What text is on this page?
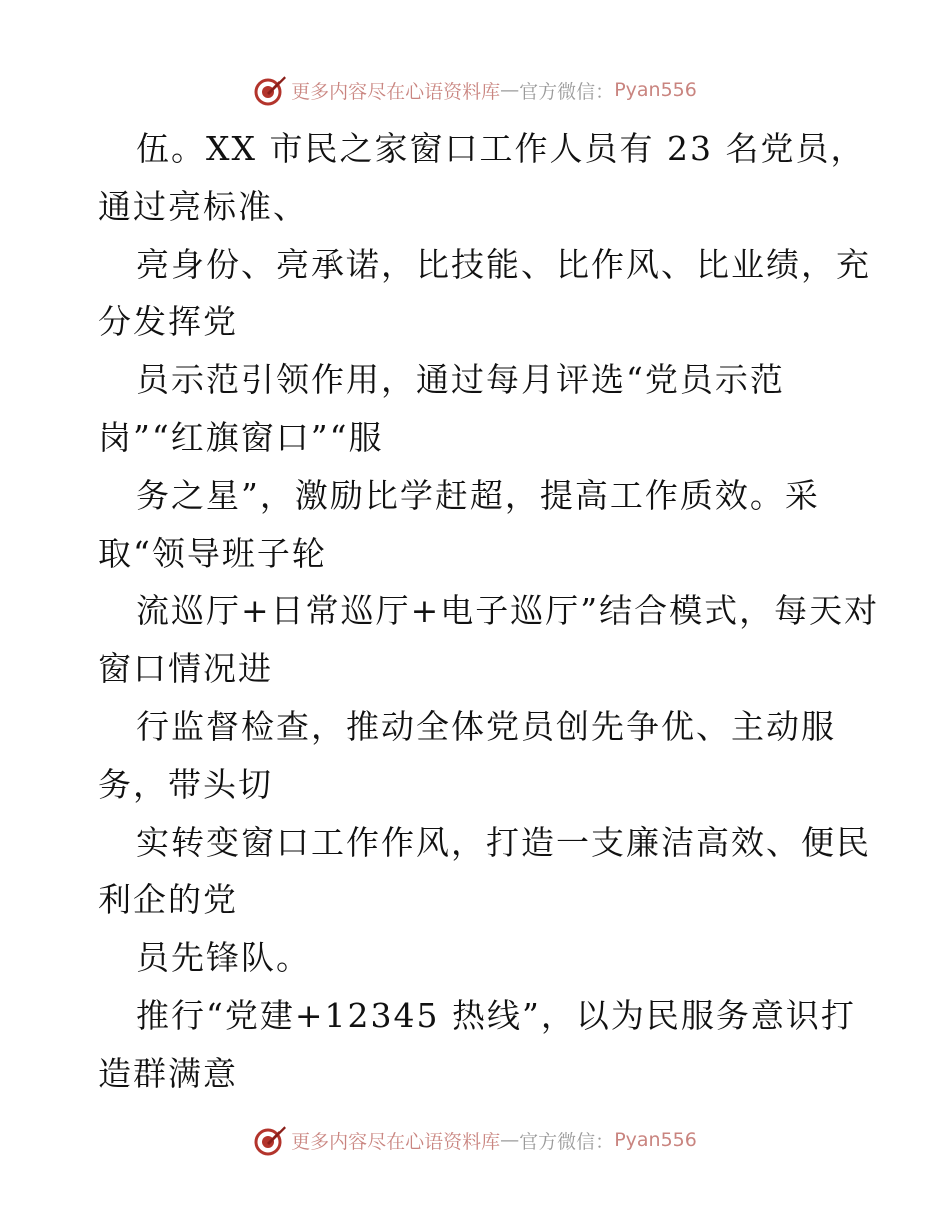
更多内容尽在心语资料库 — 官方微信： Pyan556
伍。XX 市民之家窗口工作人员有 23 名党员，
通过亮标准、
亮身份、亮承诺，比技能、比作风、比业绩，充
分发挥党
员示范引领作用，通过每月评选“党员示范
岗”“红旗窗口”“服
务之星”，激励比学赶超，提高工作质效。采
取“领导班子轮
流巡厅+日常巡厅+电子巡厅”结合模式，每天对
窗口情况进
行监督检查，推动全体党员创先争优、主动服
务，带头切
实转变窗口工作作风，打造一支廉洁高效、便民
利企的党
员先锋队。
推行“党建+12345 热线”，以为民服务意识打
造群满意
更多内容尽在心语资料库 — 官方微信： Pyan556
